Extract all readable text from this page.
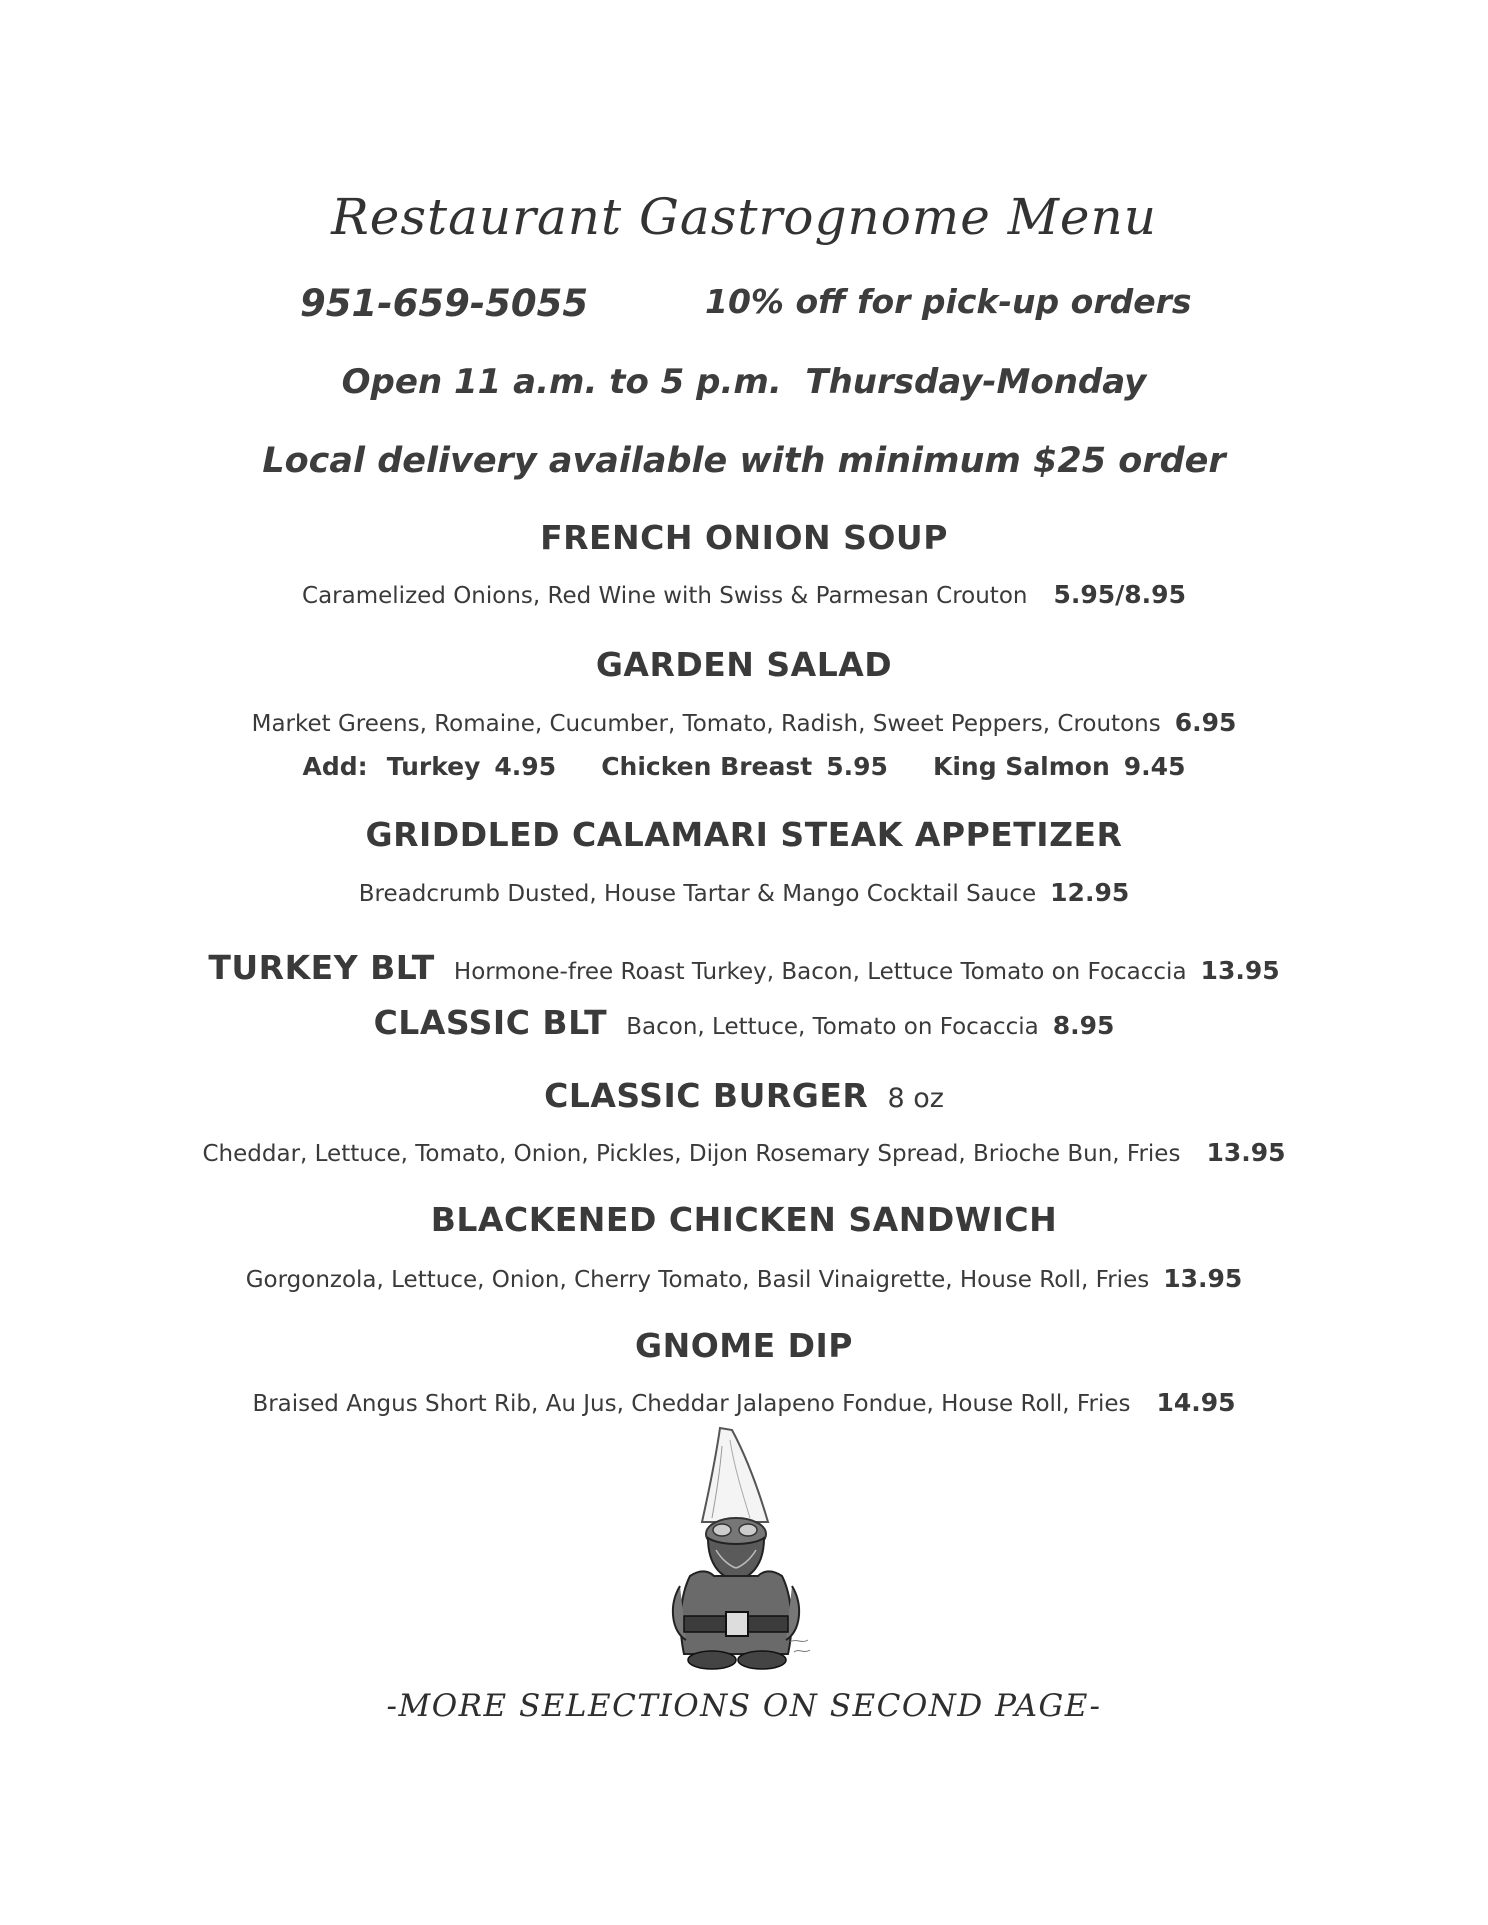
Restaurant Gastrognome Menu
951-659-5055	10% off for pick-up orders
Open 11 a.m. to 5 p.m.  Thursday-Monday
Local delivery available with minimum $25 order
FRENCH ONION SOUP
Caramelized Onions, Red Wine with Swiss & Parmesan Crouton 5.95/8.95
GARDEN SALAD
Market Greens, Romaine, Cucumber, Tomato, Radish, Sweet Peppers, Croutons 6.95
Add: Turkey 4.95 Chicken Breast 5.95 King Salmon 9.45
GRIDDLED CALAMARI STEAK APPETIZER
Breadcrumb Dusted, House Tartar & Mango Cocktail Sauce 12.95
TURKEY BLT Hormone-free Roast Turkey, Bacon, Lettuce Tomato on Focaccia 13.95
CLASSIC BLT Bacon, Lettuce, Tomato on Focaccia 8.95
CLASSIC BURGER 8 oz
Cheddar, Lettuce, Tomato, Onion, Pickles, Dijon Rosemary Spread, Brioche Bun, Fries 13.95
BLACKENED CHICKEN SANDWICH
Gorgonzola, Lettuce, Onion, Cherry Tomato, Basil Vinaigrette, House Roll, Fries 13.95
GNOME DIP
Braised Angus Short Rib, Au Jus, Cheddar Jalapeno Fondue, House Roll, Fries 14.95
-MORE SELECTIONS ON SECOND PAGE-
